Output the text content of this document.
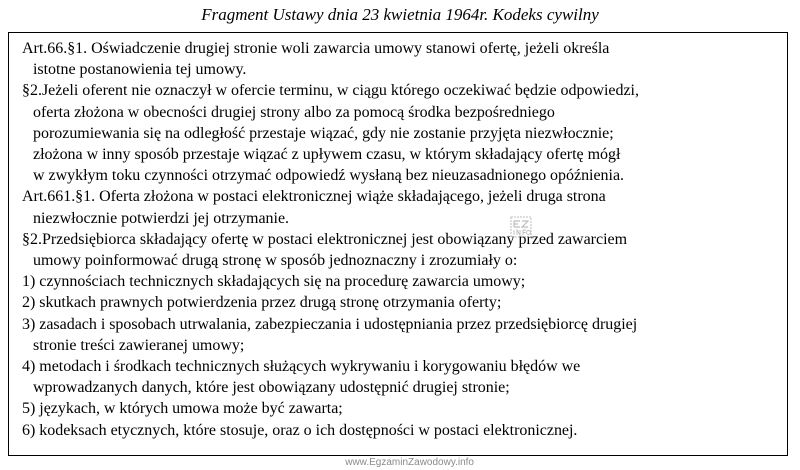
Fragment Ustawy dnia 23 kwietnia 1964r. Kodeks cywilny
Art.66.§1. Oświadczenie drugiej stronie woli zawarcia umowy stanowi ofertę, jeżeli określa
istotne postanowienia tej umowy.
§2.Jeżeli oferent nie oznaczył w ofercie terminu, w ciągu którego oczekiwać będzie odpowiedzi,
oferta złożona w obecności drugiej strony albo za pomocą środka bezpośredniego
porozumiewania się na odległość przestaje wiązać, gdy nie zostanie przyjęta niezwłocznie;
złożona w inny sposób przestaje wiązać z upływem czasu, w którym składający ofertę mógł
w zwykłym toku czynności otrzymać odpowiedź wysłaną bez nieuzasadnionego opóźnienia.
Art.661.§1. Oferta złożona w postaci elektronicznej wiąże składającego, jeżeli druga strona
niezwłocznie potwierdzi jej otrzymanie.
§2.Przedsiębiorca składający ofertę w postaci elektronicznej jest obowiązany przed zawarciem
umowy poinformować drugą stronę w sposób jednoznaczny i zrozumiały o:
1) czynnościach technicznych składających się na procedurę zawarcia umowy;
2) skutkach prawnych potwierdzenia przez drugą stronę otrzymania oferty;
3) zasadach i sposobach utrwalania, zabezpieczania i udostępniania przez przedsiębiorcę drugiej
stronie treści zawieranej umowy;
4) metodach i środkach technicznych służących wykrywaniu i korygowaniu błędów we
wprowadzanych danych, które jest obowiązany udostępnić drugiej stronie;
5) językach, w których umowa może być zawarta;
6) kodeksach etycznych, które stosuje, oraz o ich dostępności w postaci elektronicznej.
www.EgzaminZawodowy.info
